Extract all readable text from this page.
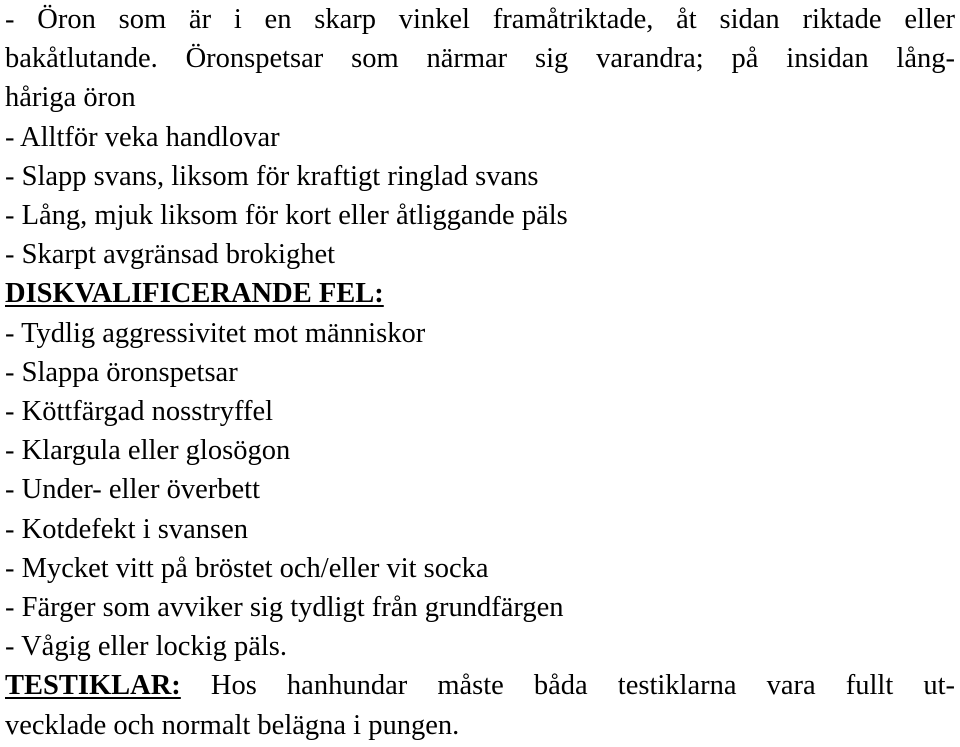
- Öron som är i en skarp vinkel framåtriktade, åt sidan riktade eller
bakåtlutande. Öronspetsar som närmar sig varandra; på insidan lång-
håriga öron
- Alltför veka handlovar
- Slapp svans, liksom för kraftigt ringlad svans
- Lång, mjuk liksom för kort eller åtliggande päls
- Skarpt avgränsad brokighet
DISKVALIFICERANDE FEL:
- Tydlig aggressivitet mot människor
- Slappa öronspetsar
- Köttfärgad nosstryffel
- Klargula eller glosögon
- Under- eller överbett
- Kotdefekt i svansen
- Mycket vitt på bröstet och/eller vit socka
- Färger som avviker sig tydligt från grundfärgen
- Vågig eller lockig päls.
TESTIKLAR: Hos hanhundar måste båda testiklarna vara fullt ut-
vecklade och normalt belägna i pungen.
